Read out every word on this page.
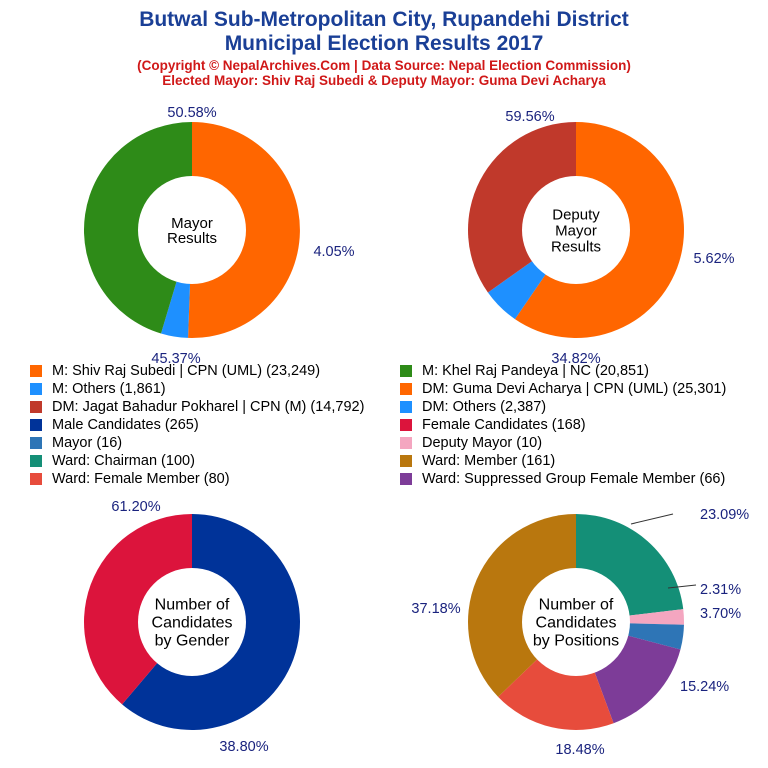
Butwal Sub-Metropolitan City, Rupandehi District
Municipal Election Results 2017
(Copyright © NepalArchives.Com | Data Source: Nepal Election Commission)
Elected Mayor: Shiv Raj Subedi & Deputy Mayor: Guma Devi Acharya
Mayor
Results
50.58%
4.05%
45.37%
Deputy
Mayor
Results
59.56%
5.62%
34.82%
Number of
Candidates
by Gender
61.20%
38.80%
Number of
Candidates
by Positions
23.09%
2.31%
3.70%
15.24%
18.48%
37.18%
M: Shiv Raj Subedi | CPN (UML) (23,249)	M: Khel Raj Pandeya | NC (20,851)
M: Others (1,861)	DM: Guma Devi Acharya | CPN (UML) (25,301)
DM: Jagat Bahadur Pokharel | CPN (M) (14,792)	DM: Others (2,387)
Male Candidates (265)	Female Candidates (168)
Mayor (16)	Deputy Mayor (10)
Ward: Chairman (100)	Ward: Member (161)
Ward: Female Member (80)	Ward: Suppressed Group Female Member (66)
